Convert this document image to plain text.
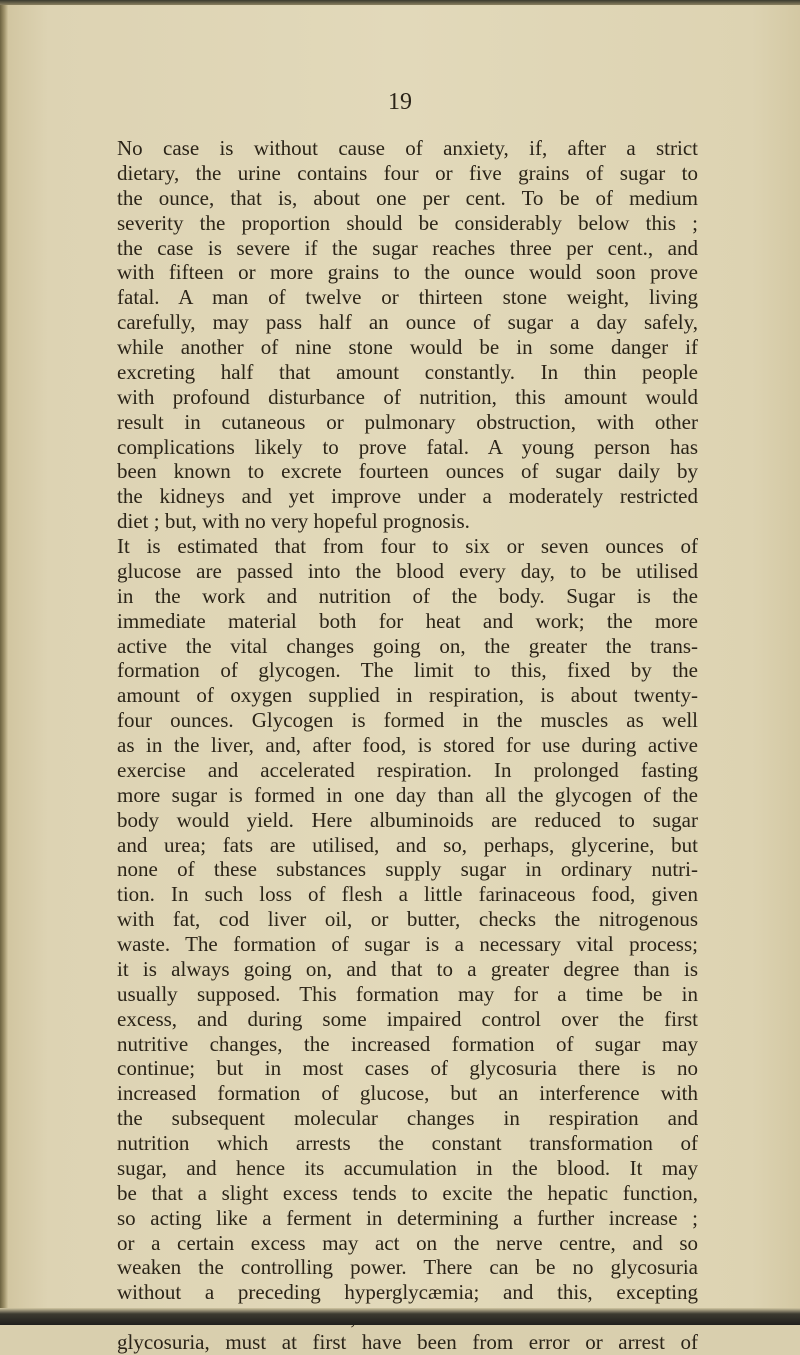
19
No case is without cause of anxiety, if, after a strict
dietary, the urine contains four or five grains of sugar to
the ounce, that is, about one per cent. To be of medium
severity the proportion should be considerably below this ;
the case is severe if the sugar reaches three per cent., and
with fifteen or more grains to the ounce would soon prove
fatal. A man of twelve or thirteen stone weight, living
carefully, may pass half an ounce of sugar a day safely,
while another of nine stone would be in some danger if
excreting half that amount constantly. In thin people
with profound disturbance of nutrition, this amount would
result in cutaneous or pulmonary obstruction, with other
complications likely to prove fatal. A young person has
been known to excrete fourteen ounces of sugar daily by
the kidneys and yet improve under a moderately restricted
diet ; but, with no very hopeful prognosis.
It is estimated that from four to six or seven ounces of
glucose are passed into the blood every day, to be utilised
in the work and nutrition of the body. Sugar is the
immediate material both for heat and work; the more
active the vital changes going on, the greater the trans-
formation of glycogen. The limit to this, fixed by the
amount of oxygen supplied in respiration, is about twenty-
four ounces. Glycogen is formed in the muscles as well
as in the liver, and, after food, is stored for use during active
exercise and accelerated respiration. In prolonged fasting
more sugar is formed in one day than all the glycogen of the
body would yield. Here albuminoids are reduced to sugar
and urea; fats are utilised, and so, perhaps, glycerine, but
none of these substances supply sugar in ordinary nutri-
tion. In such loss of flesh a little farinaceous food, given
with fat, cod liver oil, or butter, checks the nitrogenous
waste. The formation of sugar is a necessary vital process;
it is always going on, and that to a greater degree than is
usually supposed. This formation may for a time be in
excess, and during some impaired control over the first
nutritive changes, the increased formation of sugar may
continue; but in most cases of glycosuria there is no
increased formation of glucose, but an interference with
the subsequent molecular changes in respiration and
nutrition which arrests the constant transformation of
sugar, and hence its accumulation in the blood. It may
be that a slight excess tends to excite the hepatic function,
so acting like a ferment in determining a further increase ;
or a certain excess may act on the nerve centre, and so
weaken the controlling power. There can be no glycosuria
without a preceding hyperglycæmia; and this, excepting
glycosuria, must at first have been from error or arrest of
